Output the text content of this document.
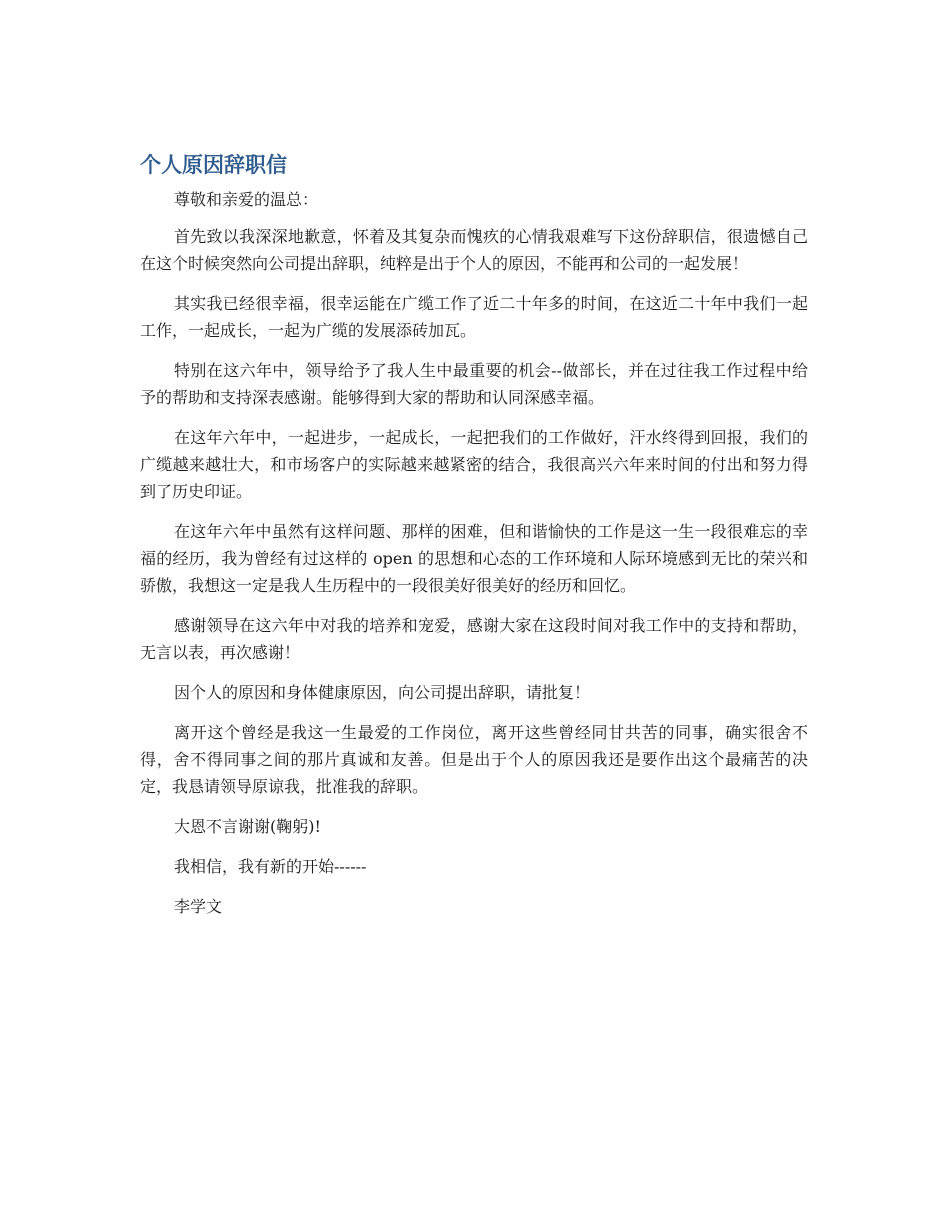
个人原因辞职信

尊敬和亲爱的温总：

首先致以我深深地歉意，怀着及其复杂而愧疚的心情我艰难写下这份辞职信，很遗憾自己在这个时候突然向公司提出辞职，纯粹是出于个人的原因，不能再和公司的一起发展！

其实我已经很幸福，很幸运能在广缆工作了近二十年多的时间，在这近二十年中我们一起工作，一起成长，一起为广缆的发展添砖加瓦。

特别在这六年中，领导给予了我人生中最重要的机会--做部长，并在过往我工作过程中给予的帮助和支持深表感谢。能够得到大家的帮助和认同深感幸福。

在这年六年中，一起进步，一起成长，一起把我们的工作做好，汗水终得到回报，我们的广缆越来越壮大，和市场客户的实际越来越紧密的结合，我很高兴六年来时间的付出和努力得到了历史印证。

在这年六年中虽然有这样问题、那样的困难，但和谐愉快的工作是这一生一段很难忘的幸福的经历，我为曾经有过这样的 open 的思想和心态的工作环境和人际环境感到无比的荣兴和骄傲，我想这一定是我人生历程中的一段很美好很美好的经历和回忆。

感谢领导在这六年中对我的培养和宠爱，感谢大家在这段时间对我工作中的支持和帮助，无言以表，再次感谢！

因个人的原因和身体健康原因，向公司提出辞职，请批复！

离开这个曾经是我这一生最爱的工作岗位，离开这些曾经同甘共苦的同事，确实很舍不得，舍不得同事之间的那片真诚和友善。但是出于个人的原因我还是要作出这个最痛苦的决定，我恳请领导原谅我，批准我的辞职。

大恩不言谢谢(鞠躬)!

我相信，我有新的开始------

李学文
